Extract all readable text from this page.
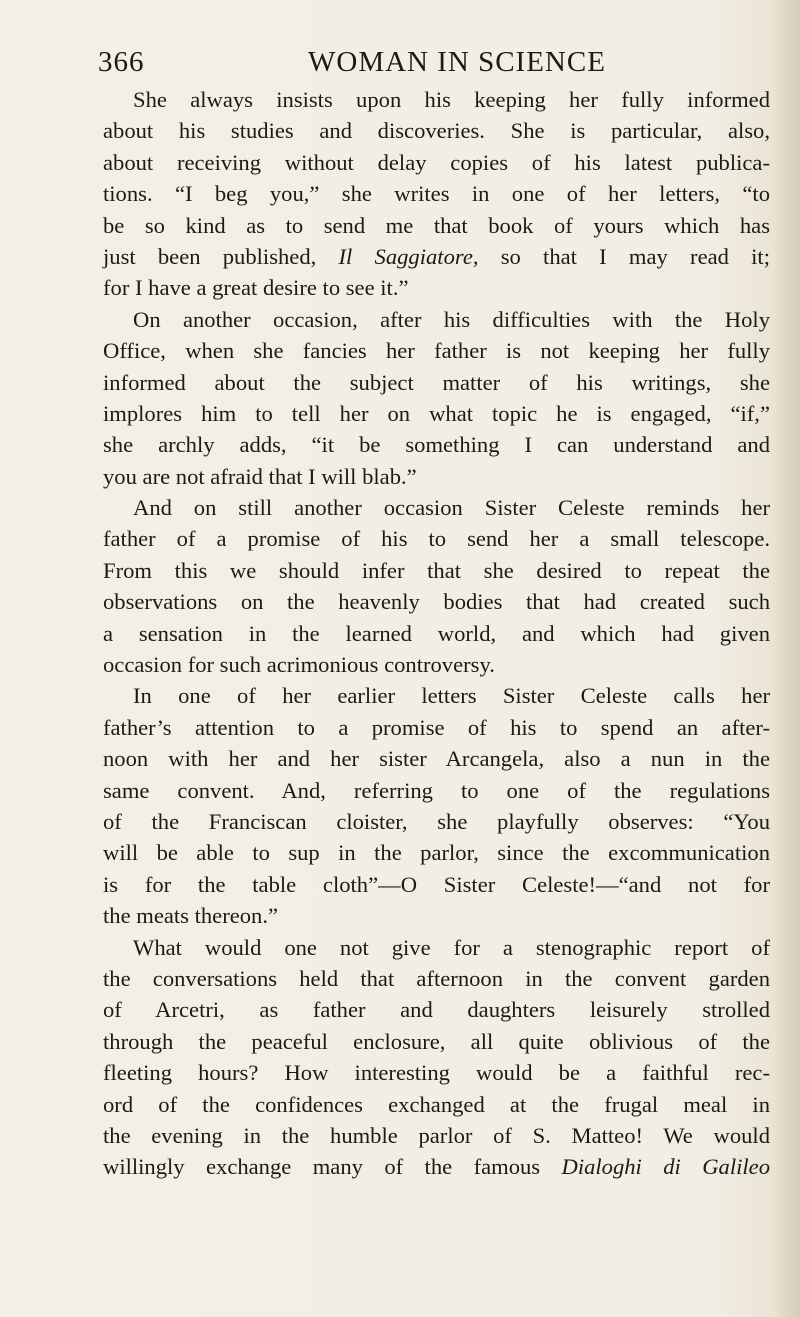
366	WOMAN IN SCIENCE
She always insists upon his keeping her fully informed
about his studies and discoveries. She is particular, also,
about receiving without delay copies of his latest publica-
tions. “I beg you,” she writes in one of her letters, “to
be so kind as to send me that book of yours which has
just been published, Il Saggiatore, so that I may read it;
for I have a great desire to see it.”
On another occasion, after his difficulties with the Holy
Office, when she fancies her father is not keeping her fully
informed about the subject matter of his writings, she
implores him to tell her on what topic he is engaged, “if,”
she archly adds, “it be something I can understand and
you are not afraid that I will blab.”
And on still another occasion Sister Celeste reminds her
father of a promise of his to send her a small telescope.
From this we should infer that she desired to repeat the
observations on the heavenly bodies that had created such
a sensation in the learned world, and which had given
occasion for such acrimonious controversy.
In one of her earlier letters Sister Celeste calls her
father’s attention to a promise of his to spend an after-
noon with her and her sister Arcangela, also a nun in the
same convent. And, referring to one of the regulations
of the Franciscan cloister, she playfully observes: “You
will be able to sup in the parlor, since the excommunication
is for the table cloth”—O Sister Celeste!—“and not for
the meats thereon.”
What would one not give for a stenographic report of
the conversations held that afternoon in the convent garden
of Arcetri, as father and daughters leisurely strolled
through the peaceful enclosure, all quite oblivious of the
fleeting hours? How interesting would be a faithful rec-
ord of the confidences exchanged at the frugal meal in
the evening in the humble parlor of S. Matteo! We would
willingly exchange many of the famous Dialoghi di Galileo
